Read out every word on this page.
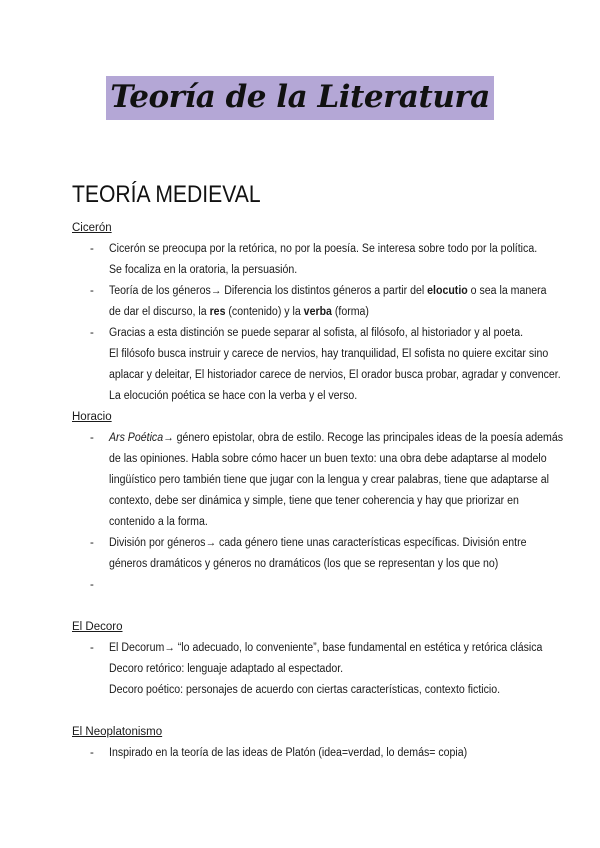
Teoría de la Literatura
TEORÍA MEDIEVAL
Cicerón
- Cicerón se preocupa por la retórica, no por la poesía. Se interesa sobre todo por la política.
Se focaliza en la oratoria, la persuasión.
- Teoría de los géneros→ Diferencia los distintos géneros a partir del elocutio o sea la manera
de dar el discurso, la res (contenido) y la verba (forma)
- Gracias a esta distinción se puede separar al sofista, al filósofo, al historiador y al poeta.
El filósofo busca instruir y carece de nervios, hay tranquilidad, El sofista no quiere excitar sino
aplacar y deleitar, El historiador carece de nervios, El orador busca probar, agradar y convencer.
La elocución poética se hace con la verba y el verso.
Horacio
- Ars Poética→ género epistolar, obra de estilo. Recoge las principales ideas de la poesía además
de las opiniones. Habla sobre cómo hacer un buen texto: una obra debe adaptarse al modelo
lingüístico pero también tiene que jugar con la lengua y crear palabras, tiene que adaptarse al
contexto, debe ser dinámica y simple, tiene que tener coherencia y hay que priorizar en
contenido a la forma.
- División por géneros→ cada género tiene unas características específicas. División entre
géneros dramáticos y géneros no dramáticos (los que se representan y los que no)
-

El Decoro
- El Decorum→ “lo adecuado, lo conveniente”, base fundamental en estética y retórica clásica
Decoro retórico: lenguaje adaptado al espectador.
Decoro poético: personajes de acuerdo con ciertas características, contexto ficticio.
El Neoplatonismo
- Inspirado en la teoría de las ideas de Platón (idea=verdad, lo demás= copia)
